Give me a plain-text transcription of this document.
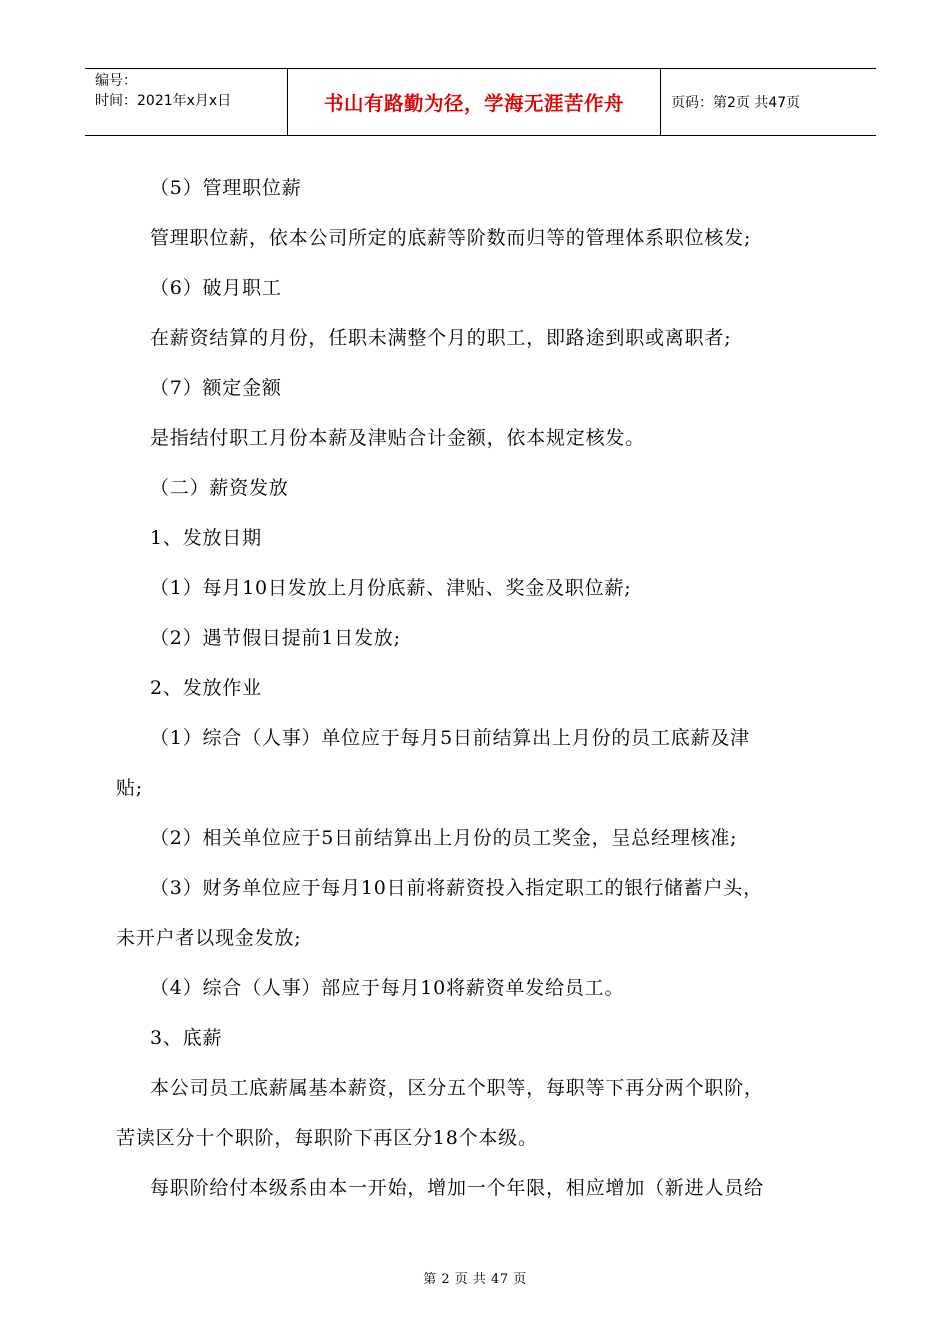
编号：
时间：2021年x月x日	书山有路勤为径，学海无涯苦作舟	页码：第2页 共47页
（5）管理职位薪
管理职位薪，依本公司所定的底薪等阶数而归等的管理体系职位核发;
（6）破月职工
在薪资结算的月份，任职未满整个月的职工，即路途到职或离职者;
（7）额定金额
是指结付职工月份本薪及津贴合计金额，依本规定核发。
（二）薪资发放
1、发放日期
（1）每月10日发放上月份底薪、津贴、奖金及职位薪;
（2）遇节假日提前1日发放;
2、发放作业
（1）综合（人事）单位应于每月5日前结算出上月份的员工底薪及津
贴;
（2）相关单位应于5日前结算出上月份的员工奖金，呈总经理核准;
（3）财务单位应于每月10日前将薪资投入指定职工的银行储蓄户头，
未开户者以现金发放;
（4）综合（人事）部应于每月10将薪资单发给员工。
3、底薪
本公司员工底薪属基本薪资，区分五个职等，每职等下再分两个职阶，
苦读区分十个职阶，每职阶下再区分18个本级。
每职阶给付本级系由本一开始，增加一个年限，相应增加（新进人员给
第 2 页 共 47 页
